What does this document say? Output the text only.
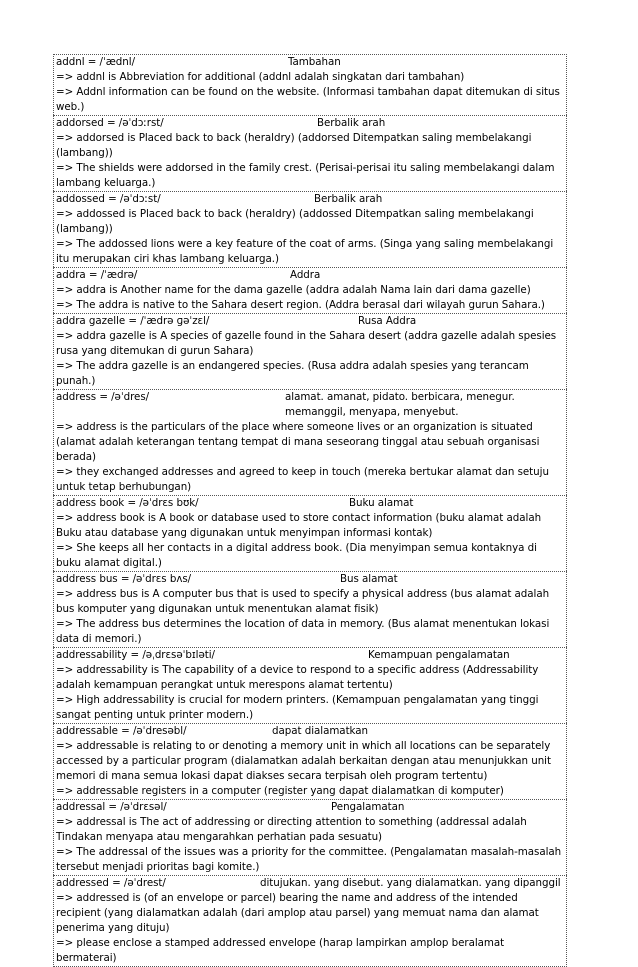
addnl = /ˈædnl/	Tambahan
=> addnl is Abbreviation for additional (addnl adalah singkatan dari tambahan)
=> Addnl information can be found on the website. (Informasi tambahan dapat ditemukan di situs web.)
addorsed = /əˈdɔːrst/	Berbalik arah
=> addorsed is Placed back to back (heraldry) (addorsed Ditempatkan saling membelakangi (lambang))
=> The shields were addorsed in the family crest. (Perisai-perisai itu saling membelakangi dalam lambang keluarga.)
addossed = /əˈdɔːst/	Berbalik arah
=> addossed is Placed back to back (heraldry) (addossed Ditempatkan saling membelakangi (lambang))
=> The addossed lions were a key feature of the coat of arms. (Singa yang saling membelakangi itu merupakan ciri khas lambang keluarga.)
addra = /ˈædrə/	Addra
=> addra is Another name for the dama gazelle (addra adalah Nama lain dari dama gazelle)
=> The addra is native to the Sahara desert region. (Addra berasal dari wilayah gurun Sahara.)
addra gazelle = /ˈædrə ɡəˈzɛl/	Rusa Addra
=> addra gazelle is A species of gazelle found in the Sahara desert (addra gazelle adalah spesies rusa yang ditemukan di gurun Sahara)
=> The addra gazelle is an endangered species. (Rusa addra adalah spesies yang terancam punah.)
address = /əˈdres/	alamat. amanat, pidato. berbicara, menegur. memanggil, menyapa, menyebut.
=> address is the particulars of the place where someone lives or an organization is situated (alamat adalah keterangan tentang tempat di mana seseorang tinggal atau sebuah organisasi berada)
=> they exchanged addresses and agreed to keep in touch (mereka bertukar alamat dan setuju untuk tetap berhubungan)
address book = /əˈdrɛs bʊk/	Buku alamat
=> address book is A book or database used to store contact information (buku alamat adalah Buku atau database yang digunakan untuk menyimpan informasi kontak)
=> She keeps all her contacts in a digital address book. (Dia menyimpan semua kontaknya di buku alamat digital.)
address bus = /əˈdrɛs bʌs/	Bus alamat
=> address bus is A computer bus that is used to specify a physical address (bus alamat adalah bus komputer yang digunakan untuk menentukan alamat fisik)
=> The address bus determines the location of data in memory. (Bus alamat menentukan lokasi data di memori.)
addressability = /əˌdrɛsəˈbɪləti/	Kemampuan pengalamatan
=> addressability is The capability of a device to respond to a specific address (Addressability adalah kemampuan perangkat untuk merespons alamat tertentu)
=> High addressability is crucial for modern printers. (Kemampuan pengalamatan yang tinggi sangat penting untuk printer modern.)
addressable = /əˈdresəbl/	dapat dialamatkan
=> addressable is relating to or denoting a memory unit in which all locations can be separately accessed by a particular program (dialamatkan adalah berkaitan dengan atau menunjukkan unit memori di mana semua lokasi dapat diakses secara terpisah oleh program tertentu)
=> addressable registers in a computer (register yang dapat dialamatkan di komputer)
addressal = /əˈdrɛsəl/	Pengalamatan
=> addressal is The act of addressing or directing attention to something (addressal adalah Tindakan menyapa atau mengarahkan perhatian pada sesuatu)
=> The addressal of the issues was a priority for the committee. (Pengalamatan masalah-masalah tersebut menjadi prioritas bagi komite.)
addressed = /əˈdrest/	ditujukan. yang disebut. yang dialamatkan. yang dipanggil
=> addressed is (of an envelope or parcel) bearing the name and address of the intended recipient (yang dialamatkan adalah (dari amplop atau parsel) yang memuat nama dan alamat penerima yang dituju)
=> please enclose a stamped addressed envelope (harap lampirkan amplop beralamat bermaterai)
